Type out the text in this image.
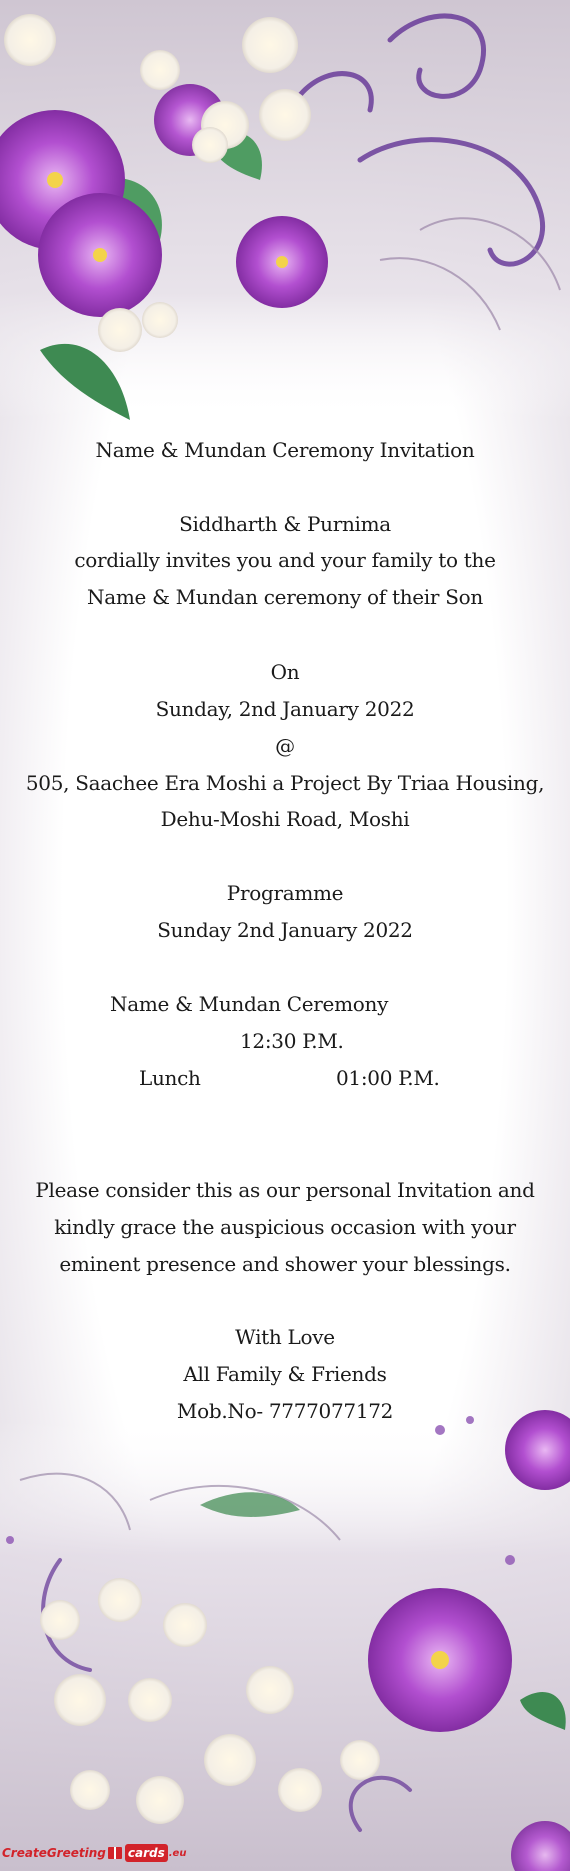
Name & Mundan Ceremony Invitation
Siddharth & Purnima
cordially invites you and your family to the
Name & Mundan ceremony of their Son
On
Sunday, 2nd January 2022
@
505, Saachee Era Moshi a Project By Triaa Housing,
Dehu-Moshi Road, Moshi
Programme
Sunday 2nd January 2022
Name & Mundan Ceremony
12:30 P.M.
Lunch	01:00 P.M.
Please consider this as our personal Invitation and
kindly grace the auspicious occasion with your
eminent presence and shower your blessings.
With Love
All Family & Friends
Mob.No- 7777077172
CreateGreeting cards .eu
